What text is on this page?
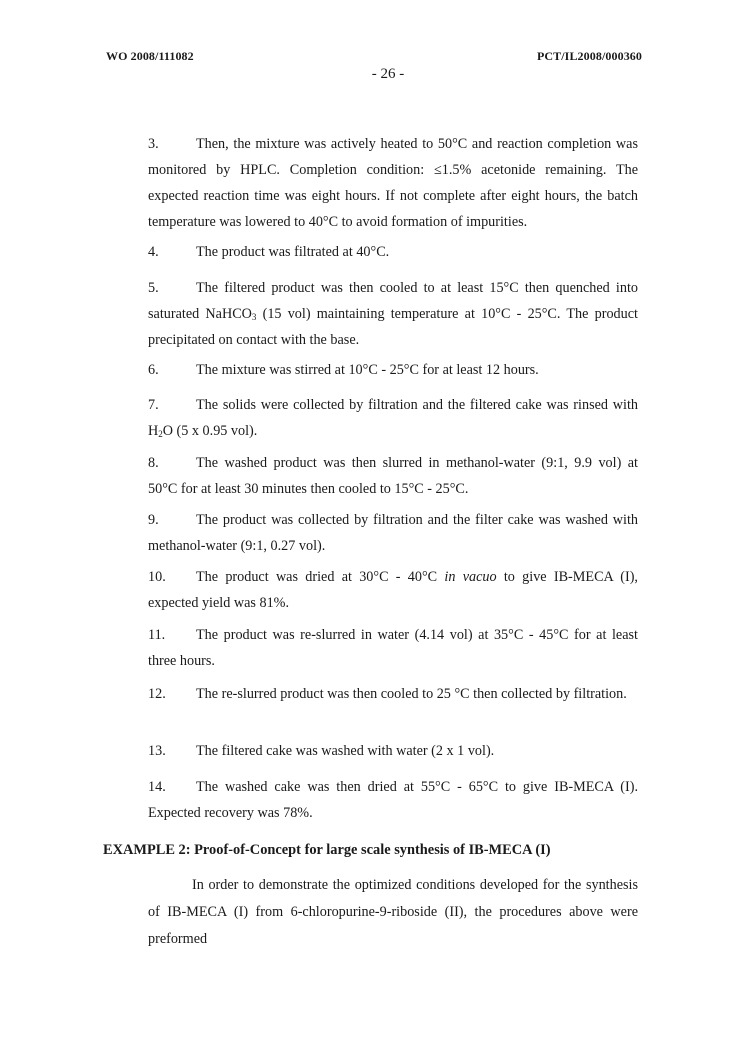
WO 2008/111082	PCT/IL2008/000360
- 26 -
3.	Then, the mixture was actively heated to 50°C and reaction completion was monitored by HPLC. Completion condition: ≤1.5% acetonide remaining. The expected reaction time was eight hours. If not complete after eight hours, the batch temperature was lowered to 40°C to avoid formation of impurities.
4.	The product was filtrated at 40°C.
5.	The filtered product was then cooled to at least 15°C then quenched into saturated NaHCO$_3$ (15 vol) maintaining temperature at 10°C - 25°C. The product precipitated on contact with the base.
6.	The mixture was stirred at 10°C - 25°C for at least 12 hours.
7.	The solids were collected by filtration and the filtered cake was rinsed with $H_2O$ (5 x 0.95 vol).
8.	The washed product was then slurred in methanol-water (9:1, 9.9 vol) at 50°C for at least 30 minutes then cooled to 15°C - 25°C.
9.	The product was collected by filtration and the filter cake was washed with methanol-water (9:1, 0.27 vol).
10. The product was dried at 30°C - 40°C in vacuo to give IB-MECA (I), expected yield was 81%.
11. The product was re-slurred in water (4.14 vol) at 35°C - 45°C for at least three hours.
12. The re-slurred product was then cooled to 25 °C then collected by filtration.
13. The filtered cake was washed with water (2 x 1 vol).
14. The washed cake was then dried at 55°C - 65°C to give IB-MECA (I). Expected recovery was 78%.
EXAMPLE 2: Proof-of-Concept for large scale synthesis of IB-MECA (I)
In order to demonstrate the optimized conditions developed for the synthesis of IB-MECA (I) from 6-chloropurine-9-riboside (II), the procedures above were preformed
